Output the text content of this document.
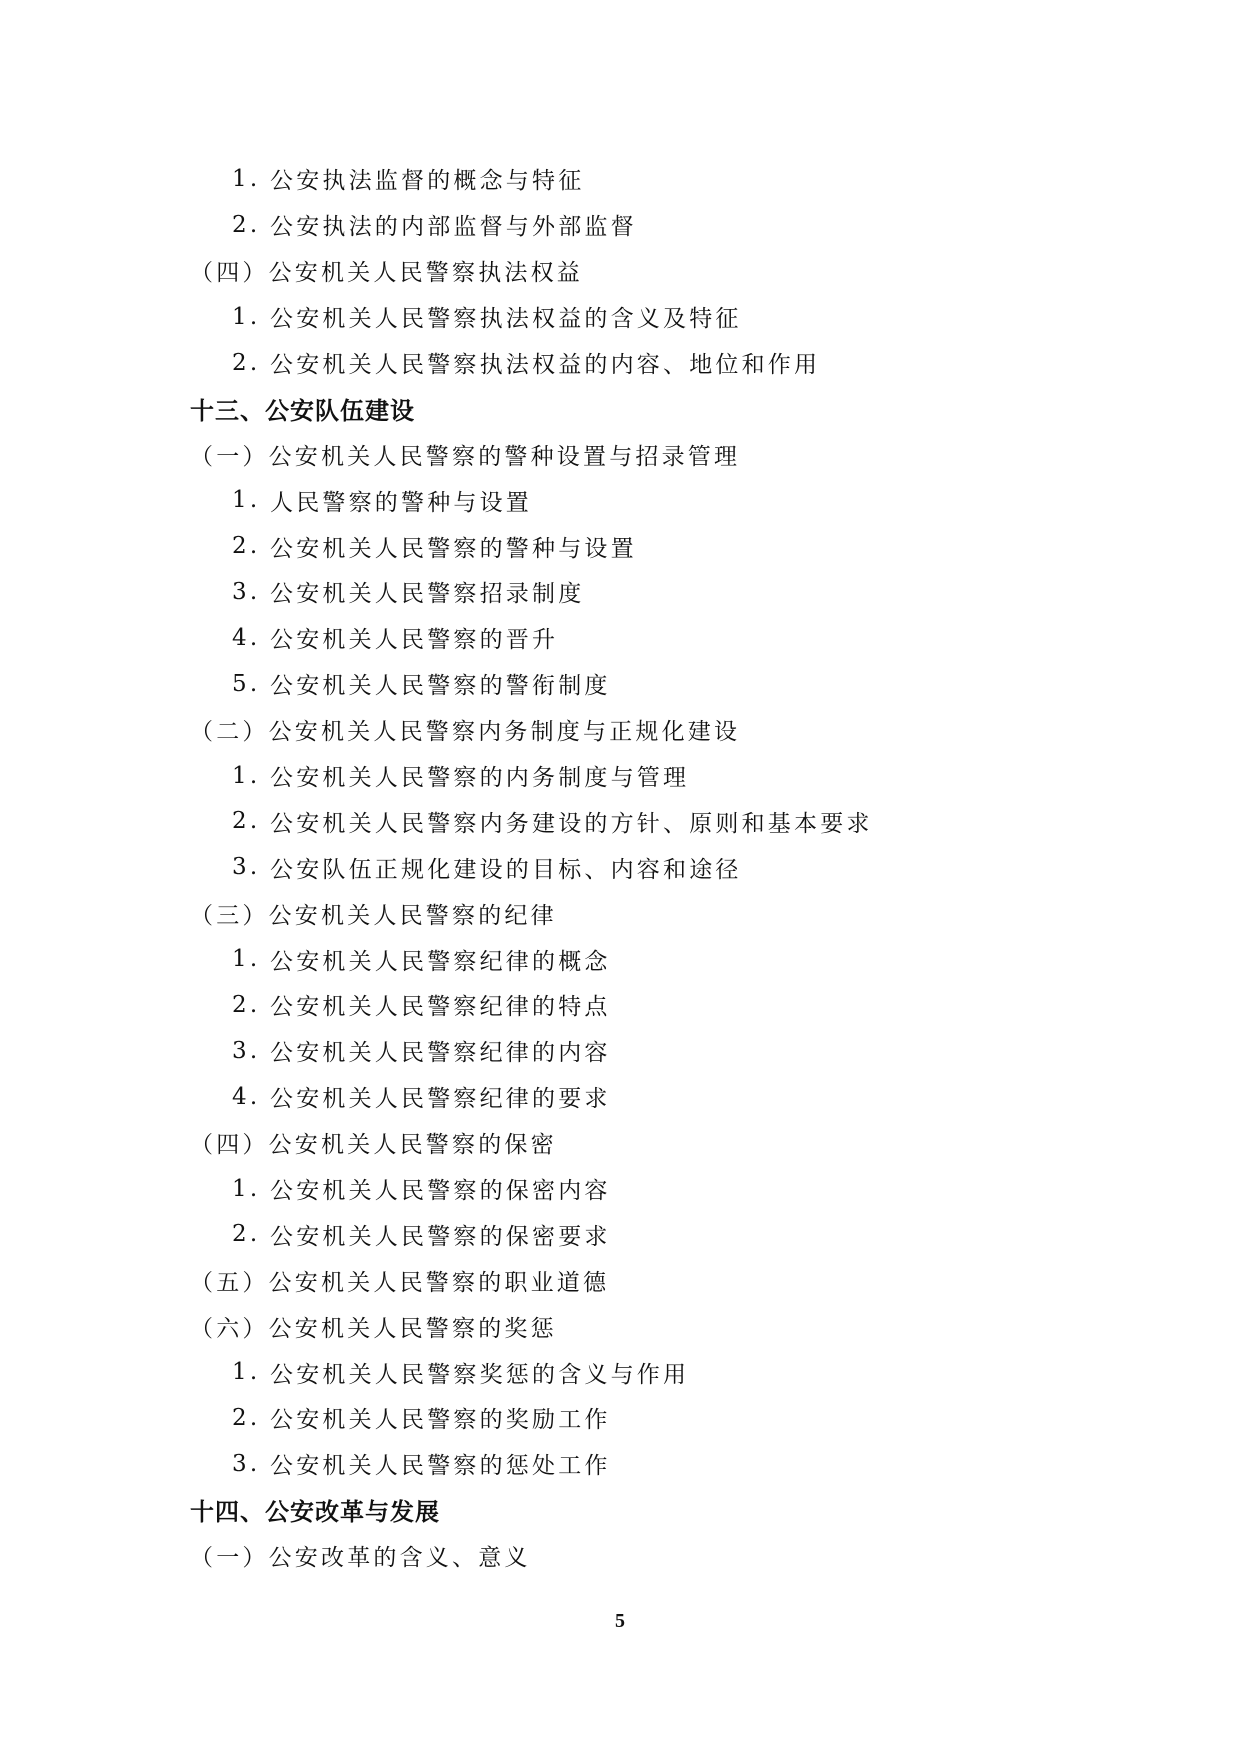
1. 公安执法监督的概念与特征
2. 公安执法的内部监督与外部监督
（四）公安机关人民警察执法权益
1. 公安机关人民警察执法权益的含义及特征
2. 公安机关人民警察执法权益的内容、地位和作用
十三、公安队伍建设
（一）公安机关人民警察的警种设置与招录管理
1. 人民警察的警种与设置
2. 公安机关人民警察的警种与设置
3. 公安机关人民警察招录制度
4. 公安机关人民警察的晋升
5. 公安机关人民警察的警衔制度
（二）公安机关人民警察内务制度与正规化建设
1. 公安机关人民警察的内务制度与管理
2. 公安机关人民警察内务建设的方针、原则和基本要求
3. 公安队伍正规化建设的目标、内容和途径
（三）公安机关人民警察的纪律
1. 公安机关人民警察纪律的概念
2. 公安机关人民警察纪律的特点
3. 公安机关人民警察纪律的内容
4. 公安机关人民警察纪律的要求
（四）公安机关人民警察的保密
1. 公安机关人民警察的保密内容
2. 公安机关人民警察的保密要求
（五）公安机关人民警察的职业道德
（六）公安机关人民警察的奖惩
1. 公安机关人民警察奖惩的含义与作用
2. 公安机关人民警察的奖励工作
3. 公安机关人民警察的惩处工作
十四、公安改革与发展
（一）公安改革的含义、意义
5
